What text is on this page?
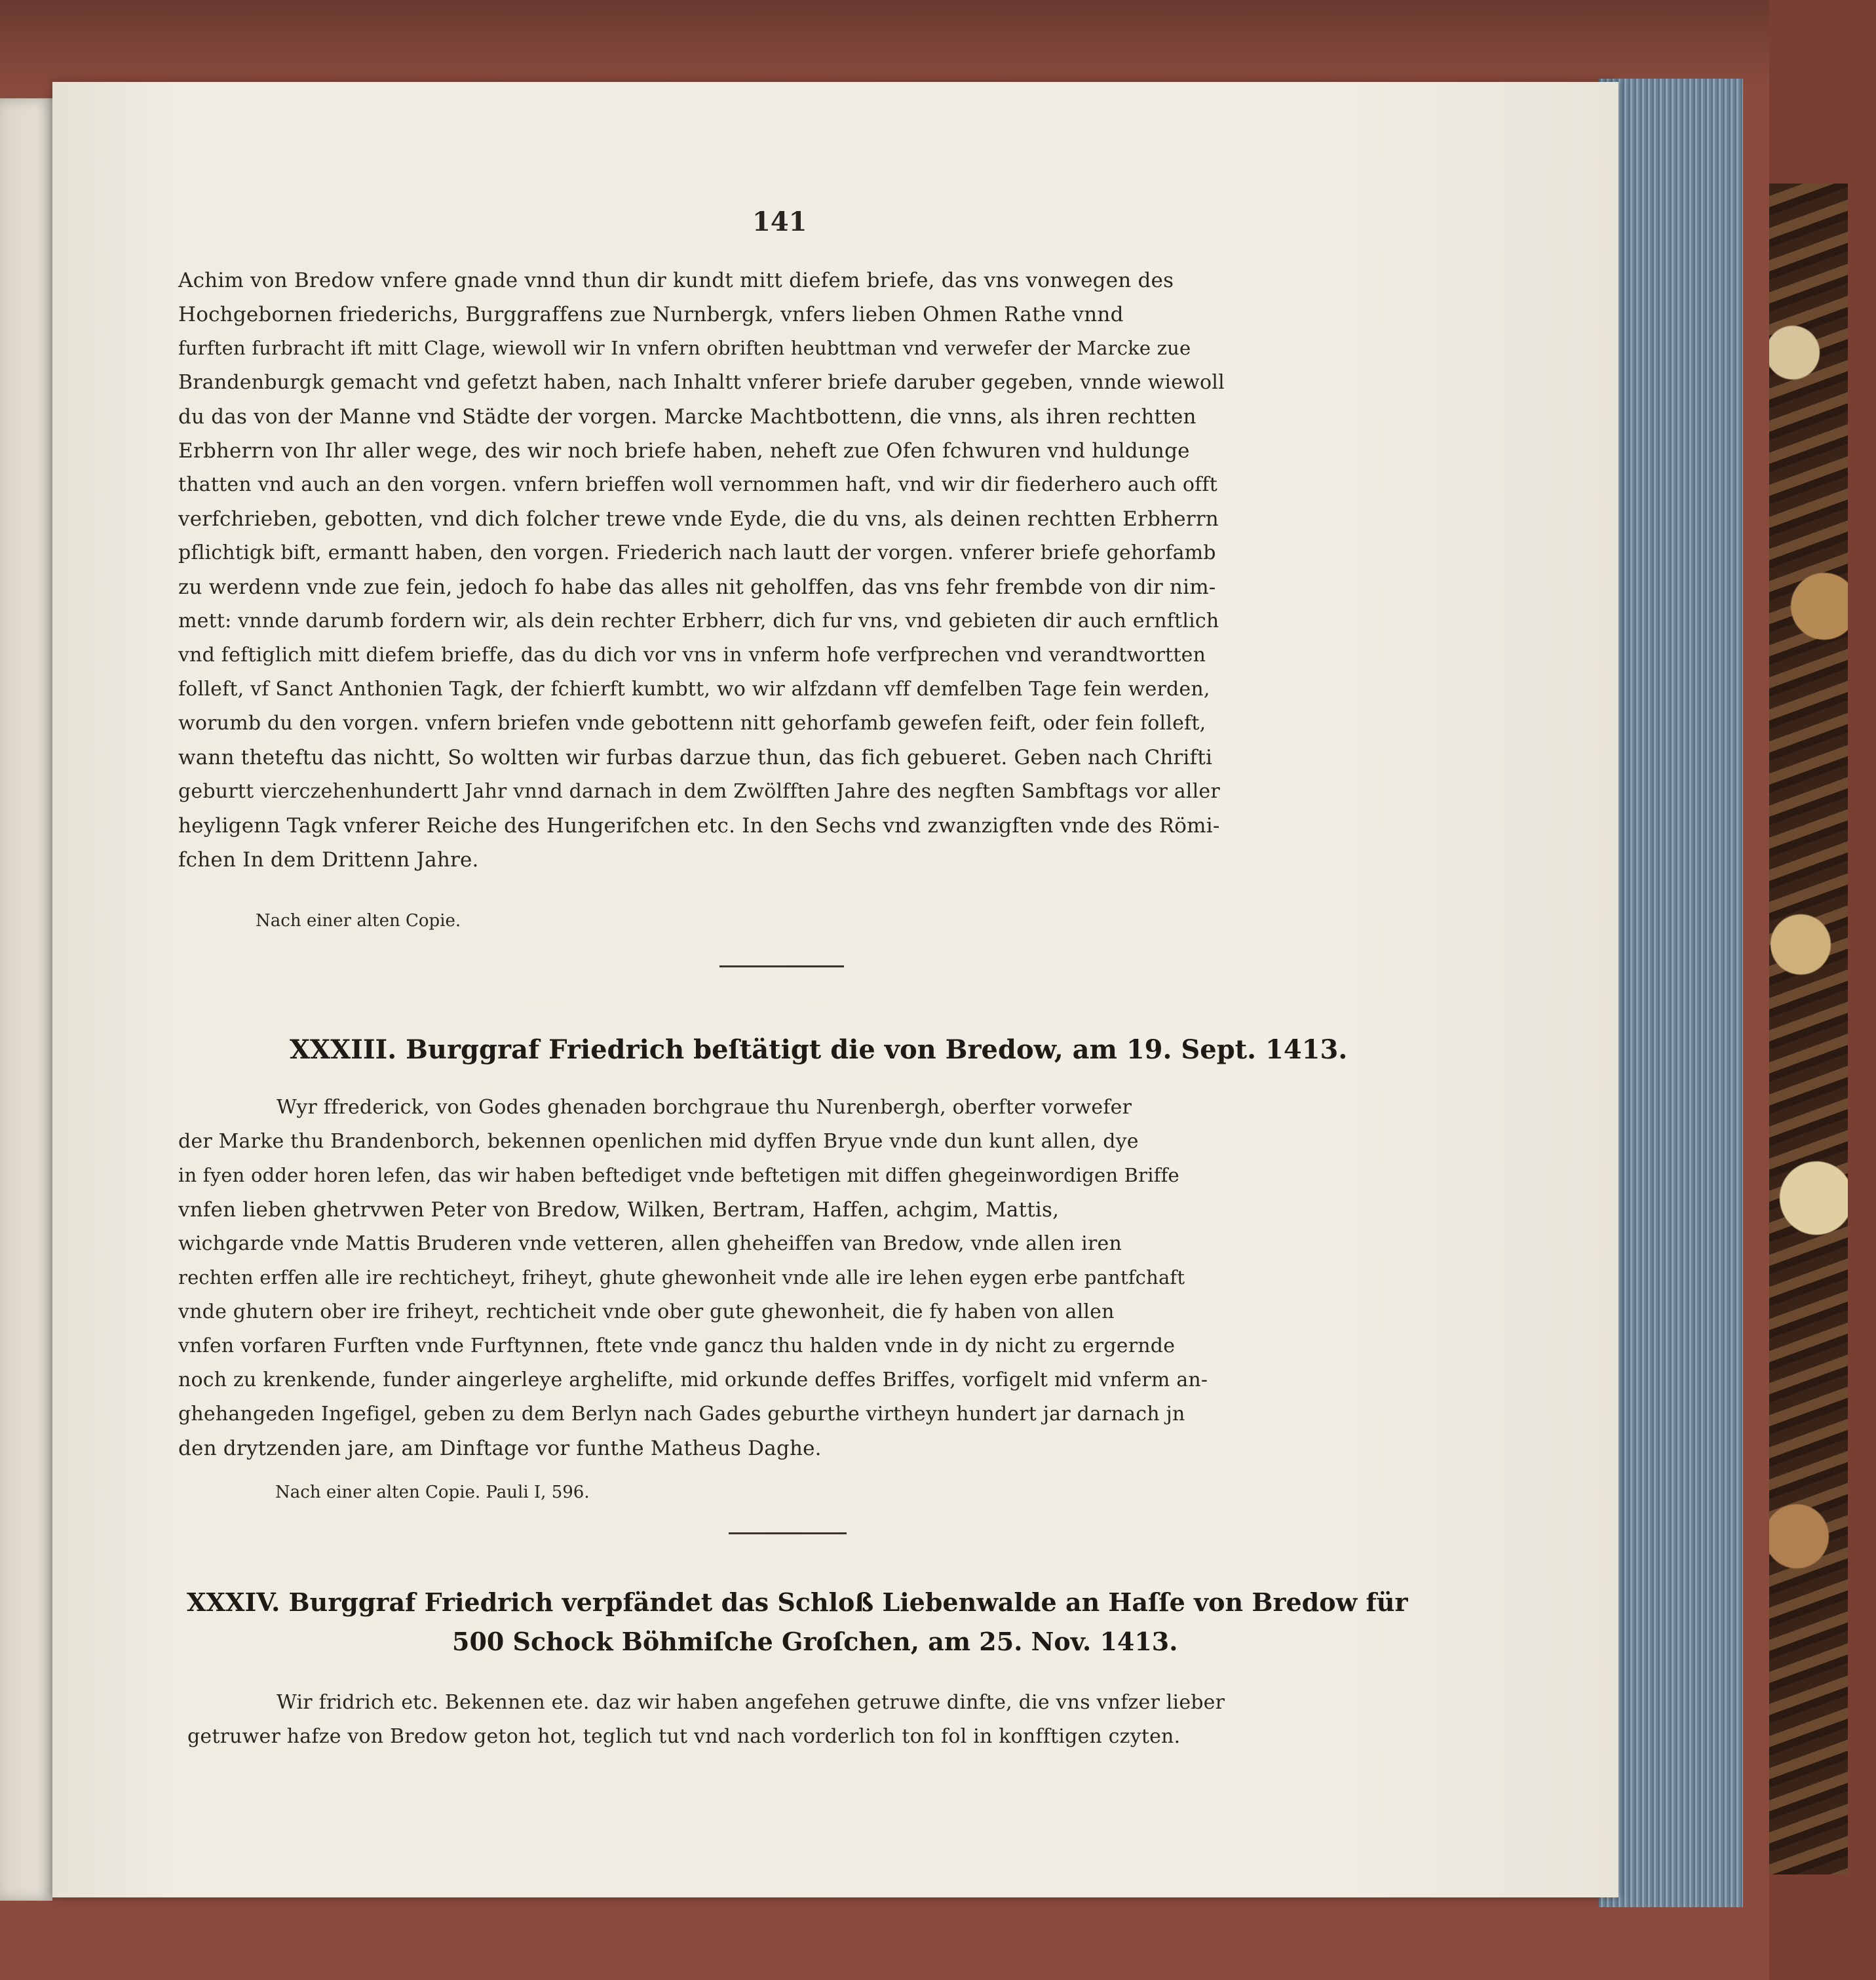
141
Achim von Bredow vnfere gnade vnnd thun dir kundt mitt diefem briefe, das vns vonwegen des
Hochgebornen friederichs, Burggraffens zue Nurnbergk, vnfers lieben Ohmen Rathe vnnd
furften furbracht ift mitt Clage, wiewoll wir In vnfern obriften heubttman vnd verwefer der Marcke zue
Brandenburgk gemacht vnd gefetzt haben, nach Inhaltt vnferer briefe daruber gegeben, vnnde wiewoll
du das von der Manne vnd Städte der vorgen. Marcke Machtbottenn, die vnns, als ihren rechtten
Erbherrn von Ihr aller wege, des wir noch briefe haben, neheft zue Ofen fchwuren vnd huldunge
thatten vnd auch an den vorgen. vnfern brieffen woll vernommen haft, vnd wir dir fiederhero auch offt
verfchrieben, gebotten, vnd dich folcher trewe vnde Eyde, die du vns, als deinen rechtten Erbherrn
pflichtigk bift, ermantt haben, den vorgen. Friederich nach lautt der vorgen. vnferer briefe gehorfamb
zu werdenn vnde zue fein, jedoch fo habe das alles nit geholffen, das vns fehr frembde von dir nim-
mett: vnnde darumb fordern wir, als dein rechter Erbherr, dich fur vns, vnd gebieten dir auch ernftlich
vnd feftiglich mitt diefem brieffe, das du dich vor vns in vnferm hofe verfprechen vnd verandtwortten
folleft, vf Sanct Anthonien Tagk, der fchierft kumbtt, wo wir alfzdann vff demfelben Tage fein werden,
worumb du den vorgen. vnfern briefen vnde gebottenn nitt gehorfamb gewefen feift, oder fein folleft,
wann theteftu das nichtt, So woltten wir furbas darzue thun, das fich gebueret. Geben nach Chrifti
geburtt vierczehenhundertt Jahr vnnd darnach in dem Zwölfften Jahre des negften Sambftags vor aller
heyligenn Tagk vnferer Reiche des Hungerifchen etc. In den Sechs vnd zwanzigften vnde des Römi-
fchen In dem Drittenn Jahre.
Nach einer alten Copie.
XXXIII. Burggraf Friedrich beſtätigt die von Bredow, am 19. Sept. 1413.
Wyr ffrederick, von Godes ghenaden borchgraue thu Nurenbergh, oberfter vorwefer
der Marke thu Brandenborch, bekennen openlichen mid dyffen Bryue vnde dun kunt allen, dye
in fyen odder horen lefen, das wir haben beftediget vnde beftetigen mit diffen ghegeinwordigen Briffe
vnfen lieben ghetrvwen Peter von Bredow, Wilken, Bertram, Haffen, achgim, Mattis,
wichgarde vnde Mattis Bruderen vnde vetteren, allen gheheiffen van Bredow, vnde allen iren
rechten erffen alle ire rechticheyt, friheyt, ghute ghewonheit vnde alle ire lehen eygen erbe pantfchaft
vnde ghutern ober ire friheyt, rechticheit vnde ober gute ghewonheit, die fy haben von allen
vnfen vorfaren Furften vnde Furftynnen, ftete vnde gancz thu halden vnde in dy nicht zu ergernde
noch zu krenkende, funder aingerleye arghelifte, mid orkunde deffes Briffes, vorfigelt mid vnferm an-
ghehangeden Ingefigel, geben zu dem Berlyn nach Gades geburthe virtheyn hundert jar darnach jn
den drytzenden jare, am Dinftage vor funthe Matheus Daghe.
Nach einer alten Copie. Pauli I, 596.
XXXIV. Burggraf Friedrich verpfändet das Schloß Liebenwalde an Haſſe von Bredow für
500 Schock Böhmiſche Groſchen, am 25. Nov. 1413.
Wir fridrich etc. Bekennen ete. daz wir haben angefehen getruwe dinfte, die vns vnfzer lieber
getruwer hafze von Bredow geton hot, teglich tut vnd nach vorderlich ton fol in konfftigen czyten.
